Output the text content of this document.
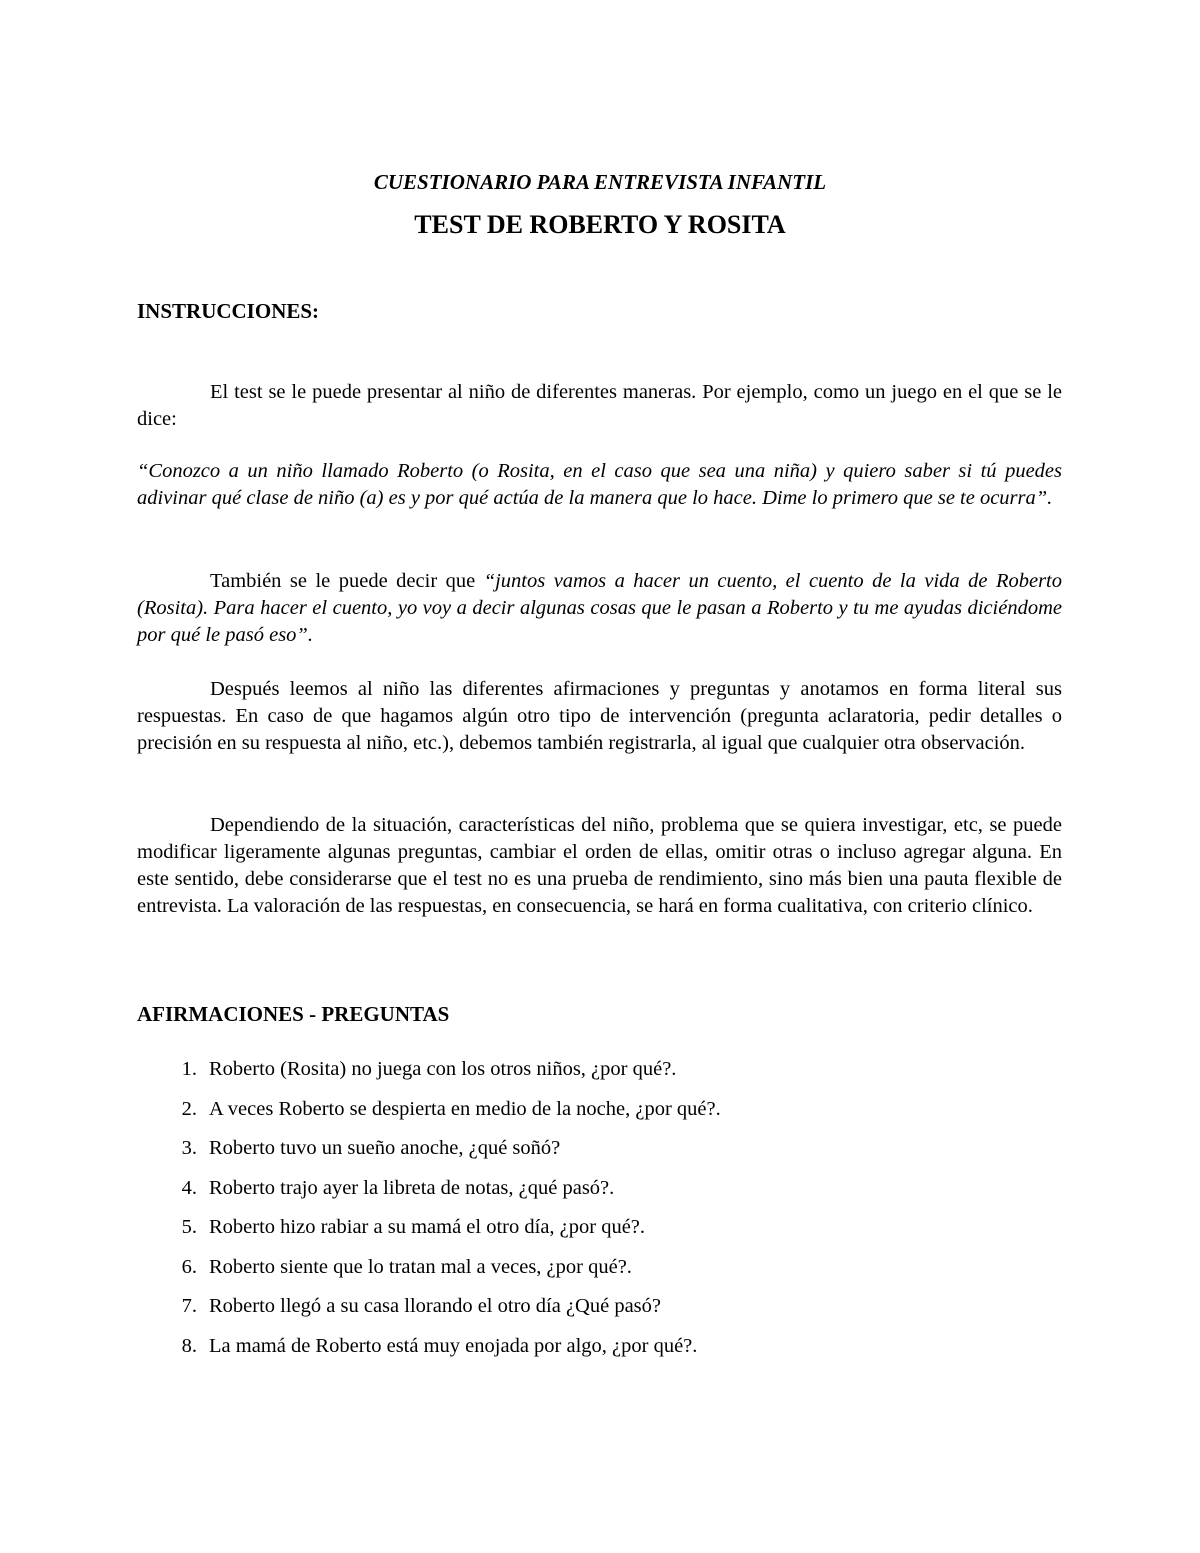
CUESTIONARIO PARA ENTREVISTA INFANTIL
TEST DE ROBERTO Y ROSITA
INSTRUCCIONES:

El test se le puede presentar al niño de diferentes maneras. Por ejemplo, como un juego en el que se le dice:

“Conozco a un niño llamado Roberto (o Rosita, en el caso que sea una niña) y quiero saber si tú puedes adivinar qué clase de niño (a) es y por qué actúa de la manera que lo hace. Dime lo primero que se te ocurra”.

También se le puede decir que “juntos vamos a hacer un cuento, el cuento de la vida de Roberto (Rosita). Para hacer el cuento, yo voy a decir algunas cosas que le pasan a Roberto y tu me ayudas diciéndome por qué le pasó eso”.

Después leemos al niño las diferentes afirmaciones y preguntas y anotamos en forma literal sus respuestas. En caso de que hagamos algún otro tipo de intervención (pregunta aclaratoria, pedir detalles o precisión en su respuesta al niño, etc.), debemos también registrarla, al igual que cualquier otra observación.

Dependiendo de la situación, características del niño, problema que se quiera investigar, etc, se puede modificar ligeramente algunas preguntas, cambiar el orden de ellas, omitir otras o incluso agregar alguna. En este sentido, debe considerarse que el test no es una prueba de rendimiento, sino más bien una pauta flexible de entrevista. La valoración de las respuestas, en consecuencia, se hará en forma cualitativa, con criterio clínico.

AFIRMACIONES - PREGUNTAS
1. Roberto (Rosita) no juega con los otros niños, ¿por qué?.
2. A veces Roberto se despierta en medio de la noche, ¿por qué?.
3. Roberto tuvo un sueño anoche, ¿qué soñó?
4. Roberto trajo ayer la libreta de notas, ¿qué pasó?.
5. Roberto hizo rabiar a su mamá el otro día, ¿por qué?.
6. Roberto siente que lo tratan mal a veces, ¿por qué?.
7. Roberto llegó a su casa llorando el otro día ¿Qué pasó?
8. La mamá de Roberto está muy enojada por algo, ¿por qué?.
